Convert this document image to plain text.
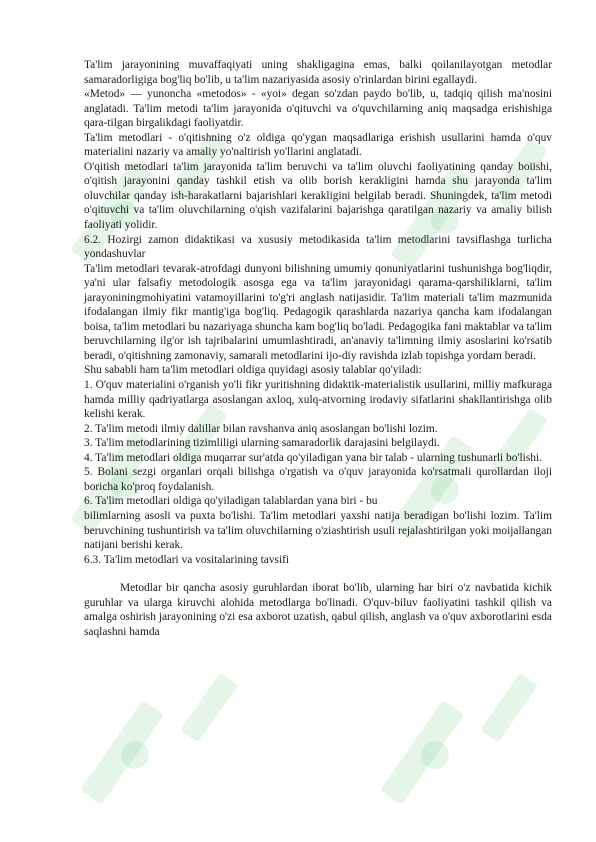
Ta'lim jarayonining muvaffaqiyati uning shakligagina emas, balki qoilanilayotgan metodlar samaradorligiga bog'liq bo'lib, u ta'lim nazariyasida asosiy o'rinlardan birini egallaydi.

«Metod» — yunoncha «metodos» - «yoi» degan so'zdan paydo bo'lib, u, tadqiq qilish ma'nosini anglatadi. Ta'lim metodi ta'lim jarayonida o'qituvchi va o'quvchilarning aniq maqsadga erishishiga qara-tilgan birgalikdagi faoliyatdir.

Ta'lim metodlari - o'qitishning o'z oldiga qo'ygan maqsadlariga erishish usullarini hamda o'quv materialini nazariy va amaliy yo'naltirish yo'llarini anglatadi.

O'qitish metodlari ta'lim jarayonida ta'lim beruvchi va ta'lim oluvchi faoliyatining qanday boiishi, o'qitish jarayonini qanday tashkil etish va olib borish kerakligini hamda shu jarayonda ta'lim oluvchilar qanday ish-harakatlarni bajarishlari kerakligini belgilab beradi. Shuningdek, ta'lim metodi o'qituvchi va ta'lim oluvchilarning o'qish vazifalarini bajarishga qaratilgan nazariy va amaliy bilish faoliyati yolidir.

6.2. Hozirgi zamon didaktikasi va xususiy metodikasida ta'lim metodlarini tavsiflashga turlicha yondashuvlar

Ta'lim metodlari tevarak-atrofdagi dunyoni bilishning umumiy qonuniyatlarini tushunishga bog'liqdir, ya'ni ular falsafiy metodologik asosga ega va ta'lim jarayonidagi qarama-qarshiliklarni, ta'lim jarayoniningmohiyatini vatamoyillarini to'g'ri anglash natijasidir. Ta'lim materiali ta'lim mazmunida ifodalangan ilmiy fikr mantig'iga bog'liq. Pedagogik qarashlarda nazariya qancha kam ifodalangan boisa, ta'lim metodlari bu nazariyaga shuncha kam bog'liq bo'ladi. Pedagogika fani maktablar va ta'lim beruvchilarning ilg'or ish tajribalarini umumlashtiradi, an'anaviy ta'limning ilmiy asoslarini ko'rsatib beradi, o'qitishning zamonaviy, samarali metodlarini ijo-diy ravishda izlab topishga yordam beradi.

Shu sababli ham ta'lim metodlari oldiga quyidagi asosiy talablar qo'yiladi:

1. O'quv materialini o'rganish yo'li fikr yuritishning didaktik-materialistik usullarini, milliy mafkuraga hamda milliy qadriyatlarga asoslangan axloq, xulq-atvorning irodaviy sifatlarini shakllantirishga olib kelishi kerak.

2. Ta'lim metodi ilmiy dalillar bilan ravshanva aniq asoslangan bo'lishi lozim.

3. Ta'lim metodlarining tizimliligi ularning samaradorlik darajasini belgilaydi.

4. Ta'lim metodlari oldiga muqarrar sur'atda qo'yiladigan yana bir talab - ularning tushunarli bo'lishi.

5. Bolani sezgi organlari orqali bilishga o'rgatish va o'quv jarayonida ko'rsatmali qurollardan iloji boricha ko'proq foydalanish.

6. Ta'lim metodlari oldiga qo'yiladigan talablardan yana biri - bu

bilimlarning asosli va puxta bo'lishi. Ta'lim metodlari yaxshi natija beradigan bo'lishi lozim. Ta'lim beruvchining tushuntirish va ta'lim oluvchilarning o'ziashtirish usuli rejalashtirilgan yoki moijallangan natijani berishi kerak.

6.3. Ta'lim metodlari va vositalarining tavsifi

Metodlar bir qancha asosiy guruhlardan iborat bo'lib, ularning har biri o'z navbatida kichik guruhlar va ularga kiruvchi alohida metodlarga bo'linadi. O'quv-biluv faoliyatini tashkil qilish va amalga oshirish jarayonining o'zi esa axborot uzatish, qabul qilish, anglash va o'quv axborotlarini esda saqlashni hamda
